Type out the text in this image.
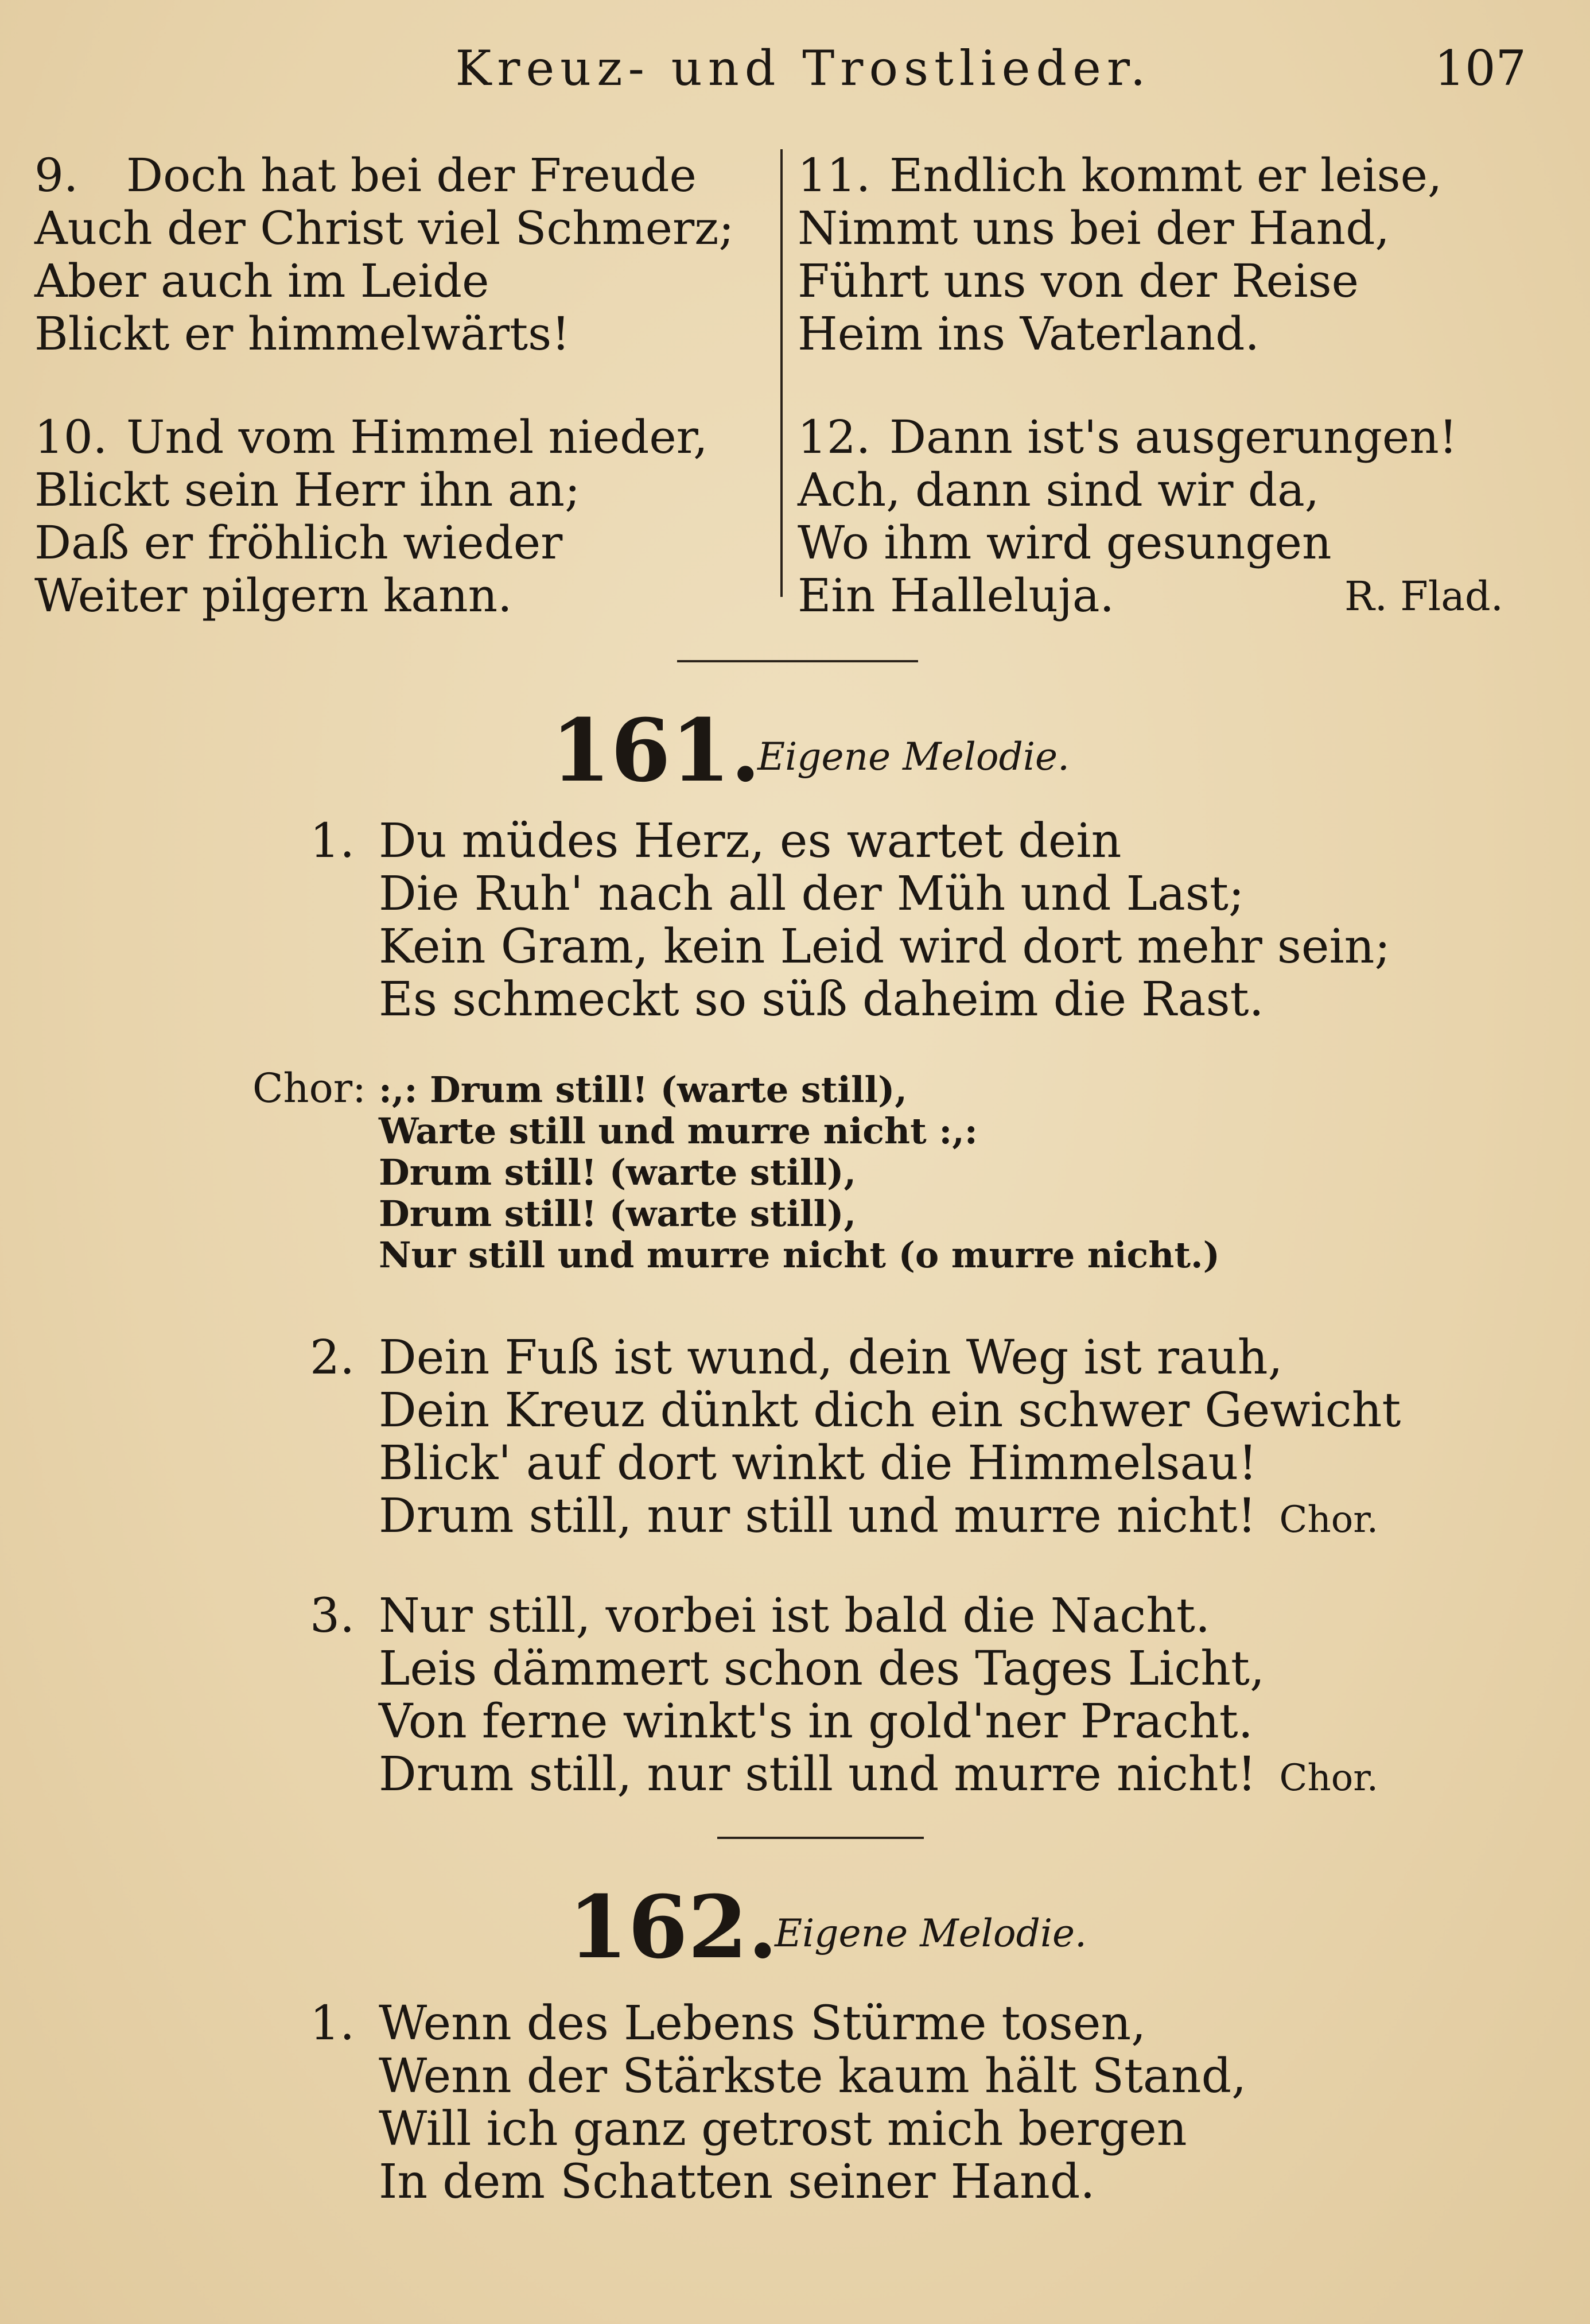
Kreuz- und Trostlieder.	107
9. Doch hat bei der Freude
Auch der Christ viel Schmerz;
Aber auch im Leide
Blickt er himmelwärts!
10. Und vom Himmel nieder,
Blickt sein Herr ihn an;
Daß er fröhlich wieder
Weiter pilgern kann.
11. Endlich kommt er leise,
Nimmt uns bei der Hand,
Führt uns von der Reise
Heim ins Vaterland.
12. Dann ist's ausgerungen!
Ach, dann sind wir da,
Wo ihm wird gesungen
Ein Halleluja.	R. Flad.
161.
Eigene Melodie.
1. Du müdes Herz, es wartet dein
Die Ruh' nach all der Müh und Last;
Kein Gram, kein Leid wird dort mehr sein;
Es schmeckt so süß daheim die Rast.
Chor: :,: Drum still! (warte still),
Warte still und murre nicht :,:
Drum still! (warte still),
Drum still! (warte still),
Nur still und murre nicht (o murre nicht.)
2. Dein Fuß ist wund, dein Weg ist rauh,
Dein Kreuz dünkt dich ein schwer Gewicht
Blick' auf dort winkt die Himmelsau!
Drum still, nur still und murre nicht! Chor.
3. Nur still, vorbei ist bald die Nacht.
Leis dämmert schon des Tages Licht,
Von ferne winkt's in gold'ner Pracht.
Drum still, nur still und murre nicht! Chor.
162.
Eigene Melodie.
1. Wenn des Lebens Stürme tosen,
Wenn der Stärkste kaum hält Stand,
Will ich ganz getrost mich bergen
In dem Schatten seiner Hand.
